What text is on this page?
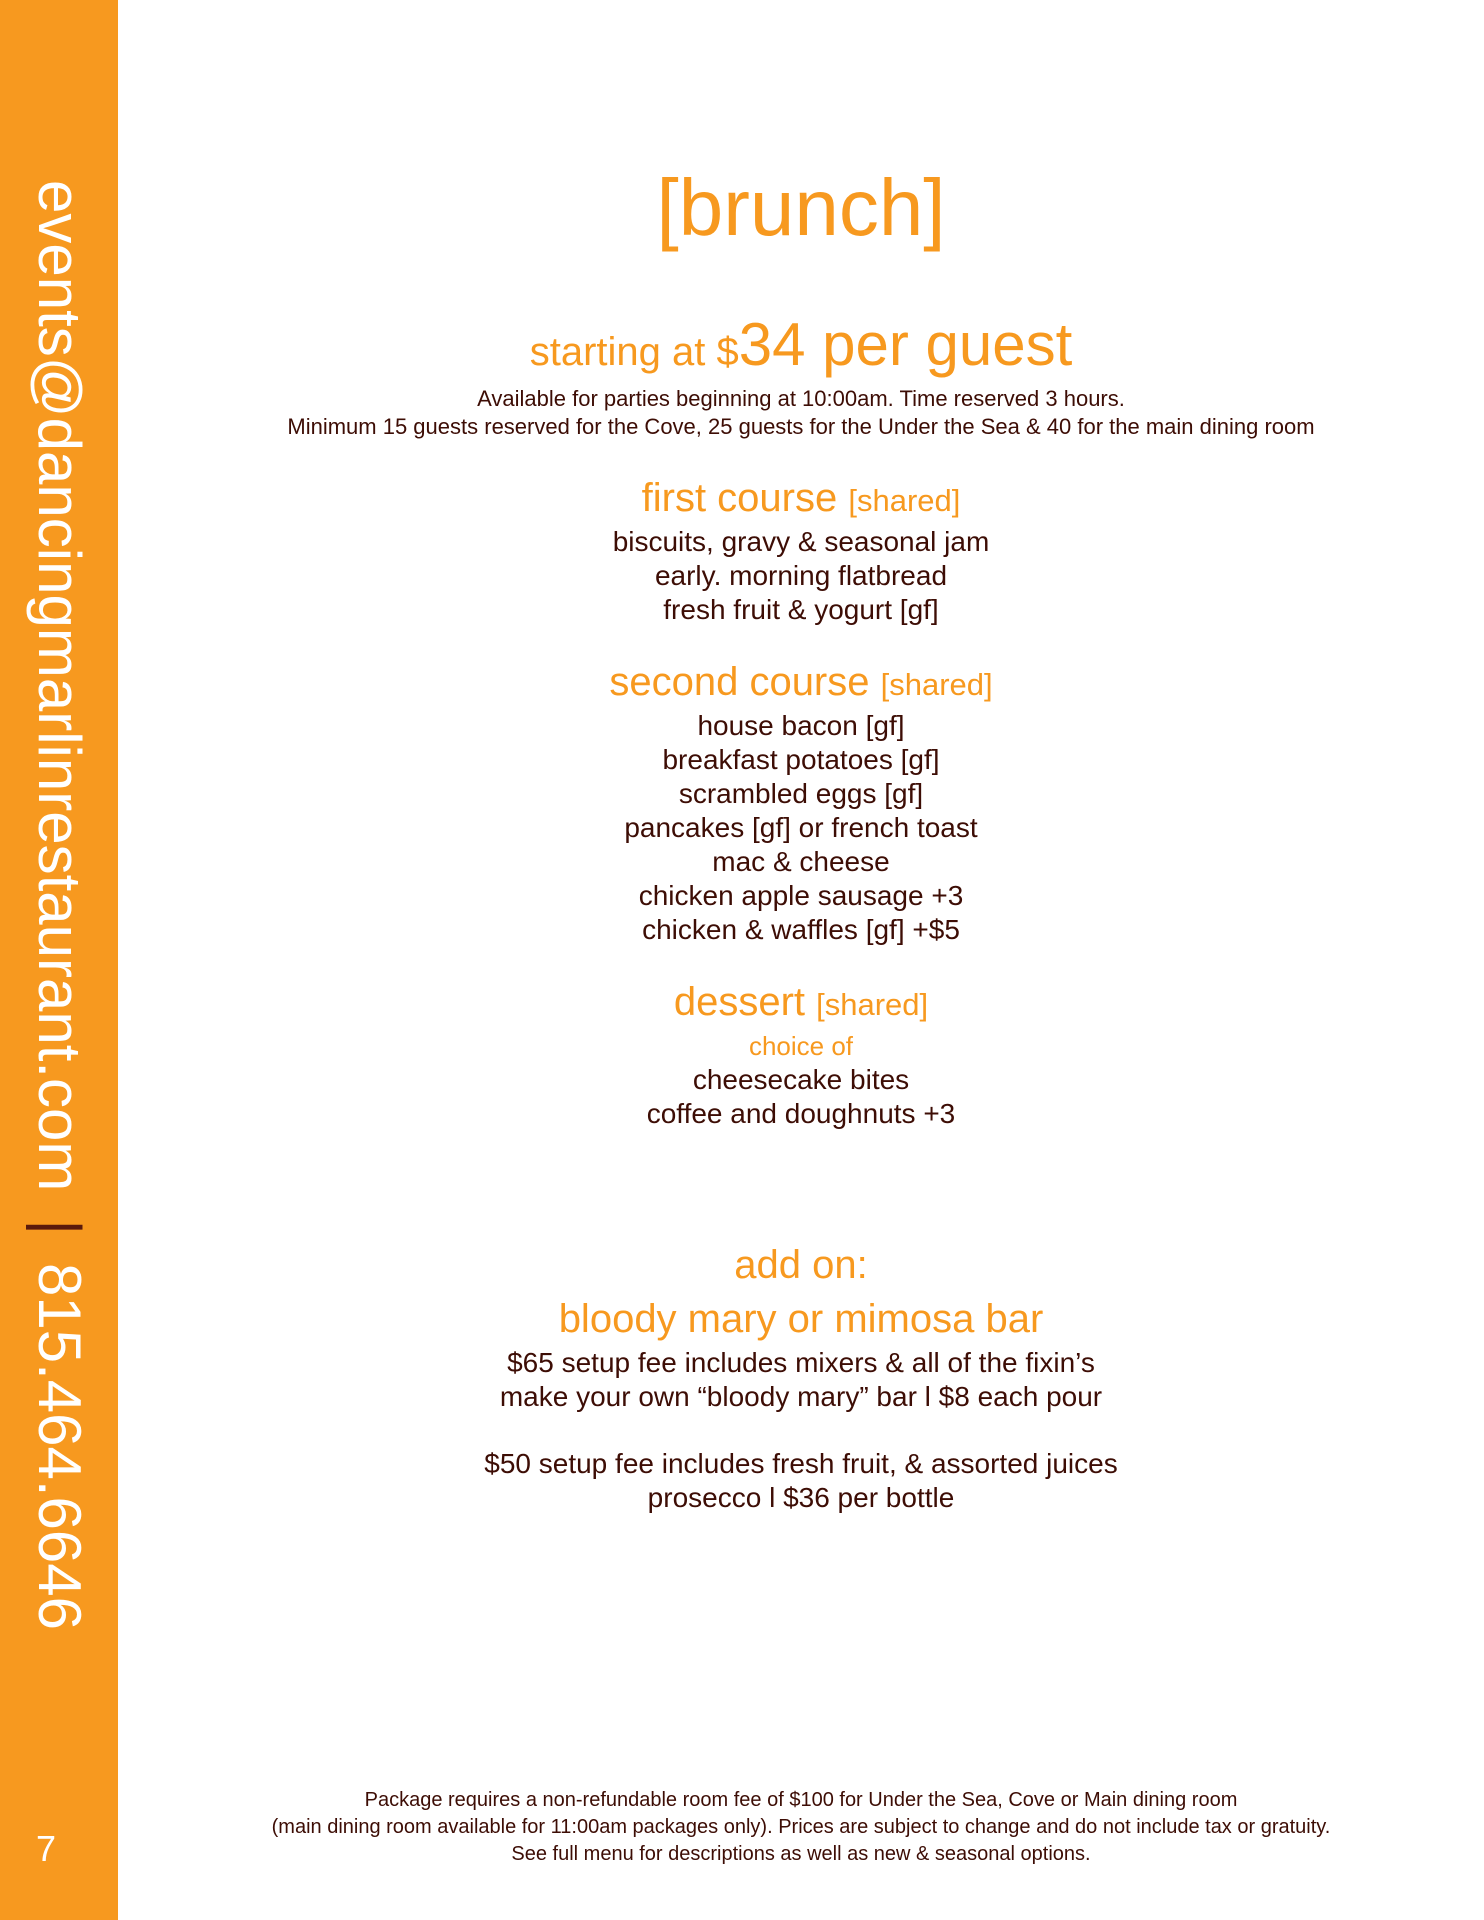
events@dancingmarlinrestaurant.com|815.464.6646
7
[brunch]
starting at $34 per guest
Available for parties beginning at 10:00am. Time reserved 3 hours.
Minimum 15 guests reserved for the Cove, 25 guests for the Under the Sea & 40 for the main dining room
first course [shared]
biscuits, gravy & seasonal jam
early. morning flatbread
fresh fruit & yogurt [gf]
second course [shared]
house bacon [gf]
breakfast potatoes [gf]
scrambled eggs [gf]
pancakes [gf] or french toast
mac & cheese
chicken apple sausage +3
chicken & waffles [gf] +$5
dessert [shared]
choice of
cheesecake bites
coffee and doughnuts +3
add on:
bloody mary or mimosa bar
$65 setup fee includes mixers & all of the fixin’s
make your own “bloody mary” bar l $8 each pour
$50 setup fee includes fresh fruit, & assorted juices
prosecco l $36 per bottle
Package requires a non-refundable room fee of $100 for Under the Sea, Cove or Main dining room
(main dining room available for 11:00am packages only). Prices are subject to change and do not include tax or gratuity.
See full menu for descriptions as well as new & seasonal options.
